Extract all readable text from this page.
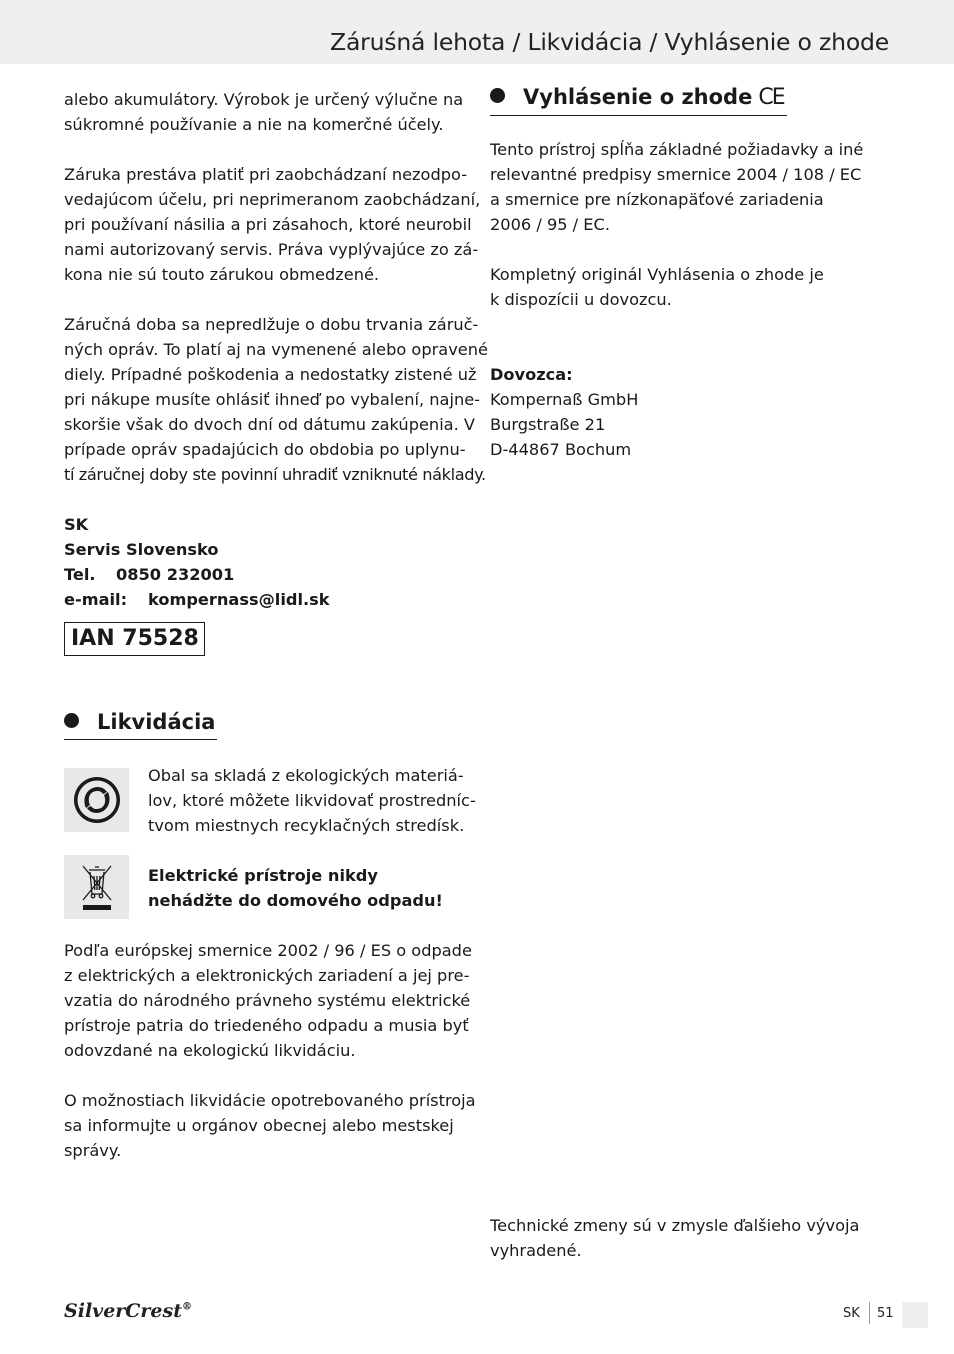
Záruśná lehota / Likvidácia / Vyhlásenie o zhode

alebo akumulátory. Výrobok je určený výlučne na
súkromné používanie a nie na komerčné účely.

Záruka prestáva platiť pri zaobchádzaní nezodpo-
vedajúcom účelu, pri neprimeranom zaobchádzaní,
pri používaní násilia a pri zásahoch, ktoré neurobil
nami autorizovaný servis. Práva vyplývajúce zo zá-
kona nie sú touto zárukou obmedzené.

Záručná doba sa nepredlžuje o dobu trvania záruč-
ných opráv. To platí aj na vymenené alebo opravené
diely. Prípadné poškodenia a nedostatky zistené už
pri nákupe musíte ohlásiť ihneď po vybalení, najne-
skoršie však do dvoch dní od dátumu zakúpenia. V
prípade opráv spadajúcich do obdobia po uplynu-
tí záručnej doby ste povinní uhradiť vzniknuté náklady.

SK
Servis Slovensko
Tel. 0850 232001
e-mail: kompernass@lidl.sk
IAN 75528
Likvidácia
Obal sa skladá z ekologických materiá-
lov, ktoré môžete likvidovať prostredníc-
tvom miestnych recyklačných stredísk.
Elektrické prístroje nikdy
nehádžte do domového odpadu!

Podľa európskej smernice 2002 / 96 / ES o odpade
z elektrických a elektronických zariadení a jej pre-
vzatia do národného právneho systému elektrické
prístroje patria do triedeného odpadu a musia byť
odovzdané na ekologickú likvidáciu.

O možnostiach likvidácie opotrebovaného prístroja
sa informujte u orgánov obecnej alebo mestskej
správy.

Vyhlásenie o zhode CE

Tento prístroj spĺňa základné požiadavky a iné
relevantné predpisy smernice 2004 / 108 / EC
a smernice pre nízkonapäťové zariadenia
2006 / 95 / EC.

Kompletný originál Vyhlásenia o zhode je
k dispozícii u dovozcu.

Dovozca:
Kompernaß GmbH
Burgstraße 21
D-44867 Bochum

Technické zmeny sú v zmysle ďalšieho vývoja
vyhradené.
SilverCrest®	SK 51
